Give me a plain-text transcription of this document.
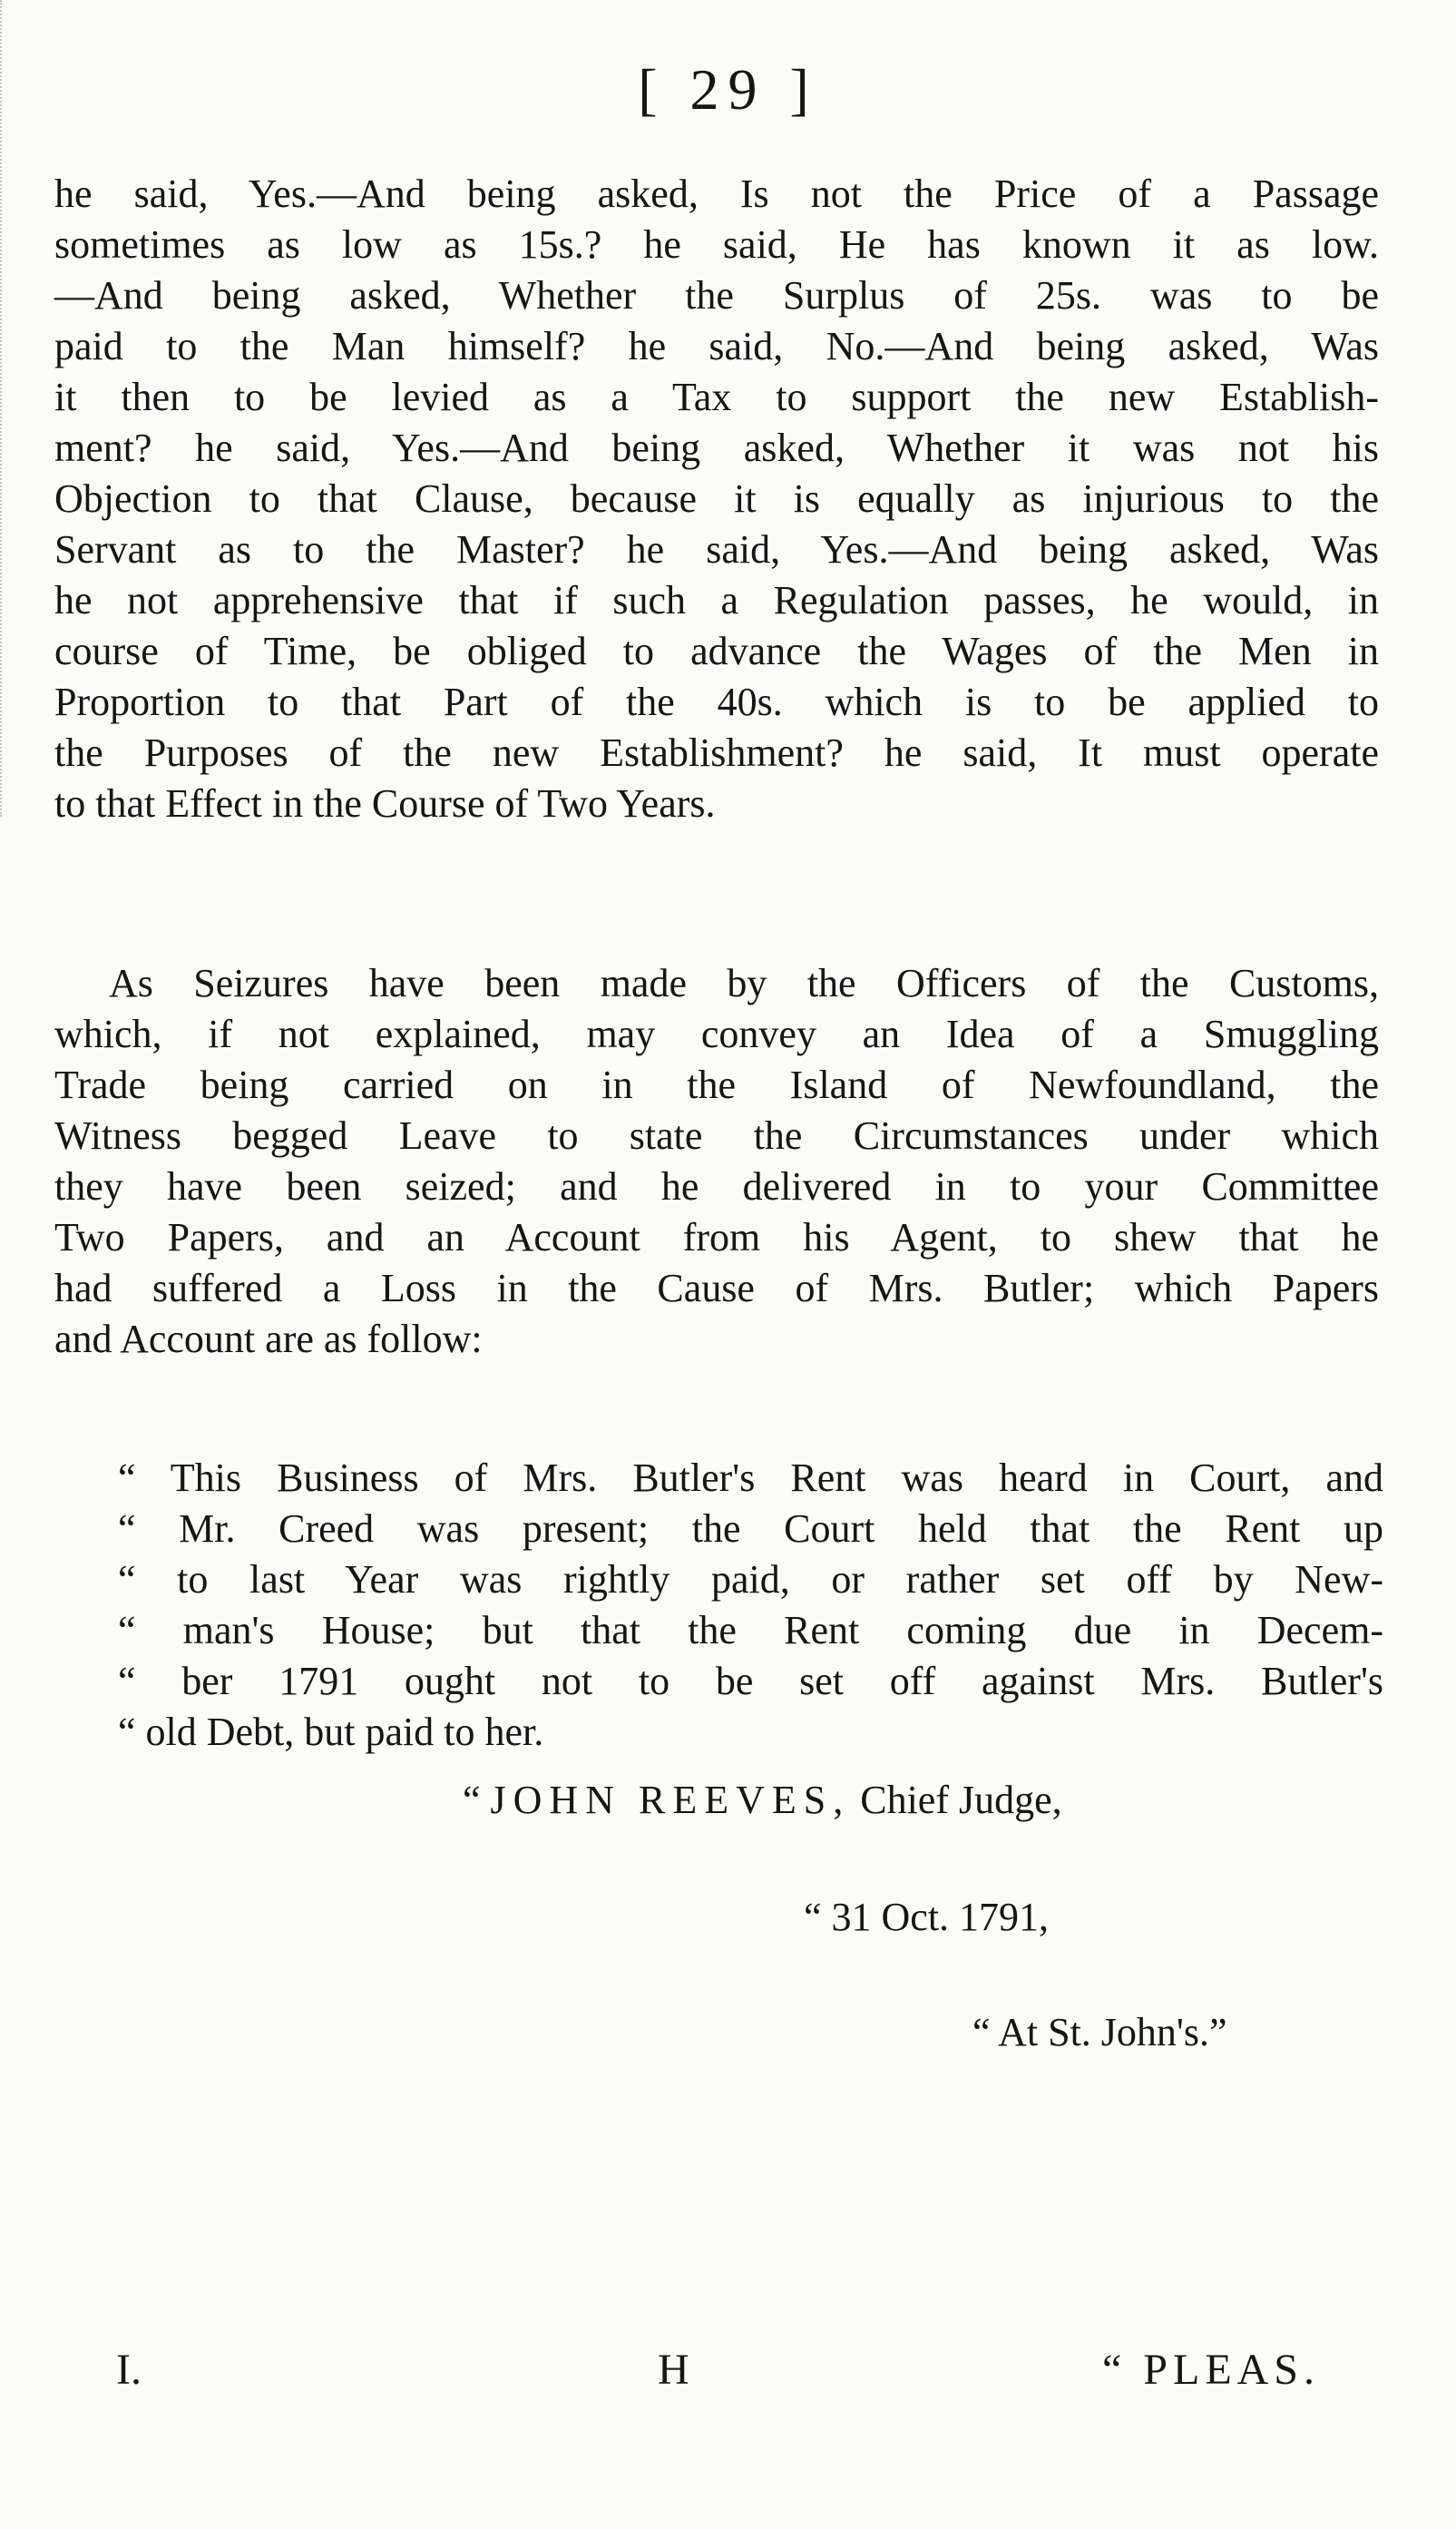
[ 29 ]
he said, Yes.—And being asked, Is not the Price of a Passage
sometimes as low as 15s.? he said, He has known it as low.
—And being asked, Whether the Surplus of 25s. was to be
paid to the Man himself? he said, No.—And being asked, Was
it then to be levied as a Tax to support the new Establish-
ment? he said, Yes.—And being asked, Whether it was not his
Objection to that Clause, because it is equally as injurious to the
Servant as to the Master? he said, Yes.—And being asked, Was
he not apprehensive that if such a Regulation passes, he would, in
course of Time, be obliged to advance the Wages of the Men in
Proportion to that Part of the 40s. which is to be applied to
the Purposes of the new Establishment? he said, It must operate
to that Effect in the Course of Two Years.
As Seizures have been made by the Officers of the Customs,
which, if not explained, may convey an Idea of a Smuggling
Trade being carried on in the Island of Newfoundland, the
Witness begged Leave to state the Circumstances under which
they have been seized; and he delivered in to your Committee
Two Papers, and an Account from his Agent, to shew that he
had suffered a Loss in the Cause of Mrs. Butler; which Papers
and Account are as follow:
“ This Business of Mrs. Butler's Rent was heard in Court, and
“ Mr. Creed was present; the Court held that the Rent up
“ to last Year was rightly paid, or rather set off by New-
“ man's House; but that the Rent coming due in Decem-
“ ber 1791 ought not to be set off against Mrs. Butler's
“ old Debt, but paid to her.
“ JOHN REEVES, Chief Judge,
“ 31 Oct. 1791,
“ At St. John's.”
I.	H	“ PLEAS.
